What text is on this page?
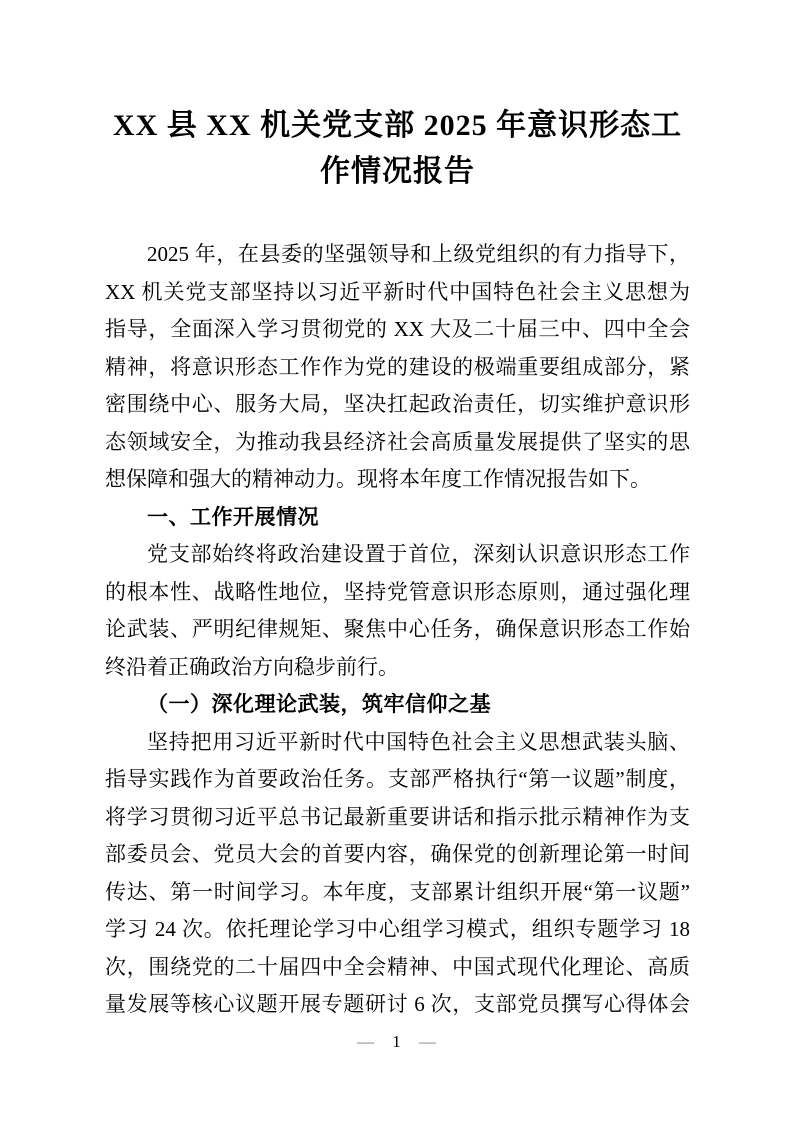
XX 县 XX 机关党支部 2025 年意识形态工
作情况报告
2025 年，在县委的坚强领导和上级党组织的有力指导下，
XX 机关党支部坚持以习近平新时代中国特色社会主义思想为
指导，全面深入学习贯彻党的 XX 大及二十届三中、四中全会
精神，将意识形态工作作为党的建设的极端重要组成部分，紧
密围绕中心、服务大局，坚决扛起政治责任，切实维护意识形
态领域安全，为推动我县经济社会高质量发展提供了坚实的思
想保障和强大的精神动力。现将本年度工作情况报告如下。
一、工作开展情况
党支部始终将政治建设置于首位，深刻认识意识形态工作
的根本性、战略性地位，坚持党管意识形态原则，通过强化理
论武装、严明纪律规矩、聚焦中心任务，确保意识形态工作始
终沿着正确政治方向稳步前行。
（一）深化理论武装，筑牢信仰之基
坚持把用习近平新时代中国特色社会主义思想武装头脑、
指导实践作为首要政治任务。支部严格执行“第一议题”制度，
将学习贯彻习近平总书记最新重要讲话和指示批示精神作为支
部委员会、党员大会的首要内容，确保党的创新理论第一时间
传达、第一时间学习。本年度，支部累计组织开展“第一议题”
学习 24 次。依托理论学习中心组学习模式，组织专题学习 18
次，围绕党的二十届四中全会精神、中国式现代化理论、高质
量发展等核心议题开展专题研讨 6 次，支部党员撰写心得体会
— 1 —
